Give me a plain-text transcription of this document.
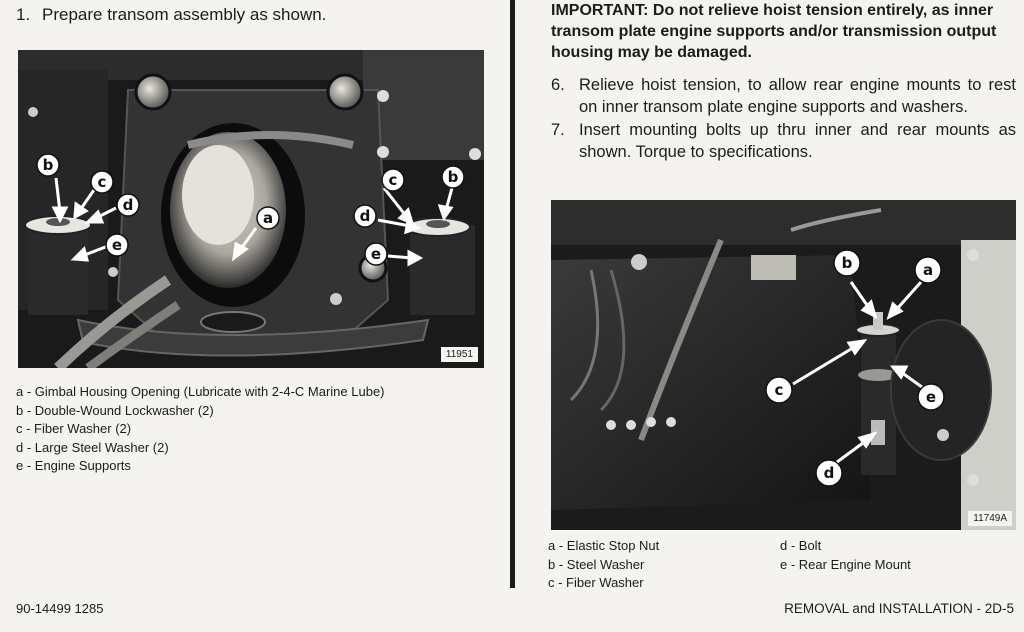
1. Prepare transom assembly as shown.
a
b
c
d
e
b
c
d
e
11951
a - Gimbal Housing Opening (Lubricate with 2-4-C Marine Lube)
b - Double-Wound Lockwasher (2)
c - Fiber Washer (2)
d - Large Steel Washer (2)
e - Engine Supports
IMPORTANT: Do not relieve hoist tension entirely, as inner transom plate engine supports and/or transmission output housing may be damaged.
6. Relieve hoist tension, to allow rear engine mounts to rest on inner transom plate engine supports and washers.
7. Insert mounting bolts up thru inner and rear mounts as shown. Torque to specifications.
b	a
c	e
d
11749A
a - Elastic Stop Nut
b - Steel Washer
c - Fiber Washer
d - Bolt
e - Rear Engine Mount
90-14499 1285	REMOVAL and INSTALLATION - 2D-5
